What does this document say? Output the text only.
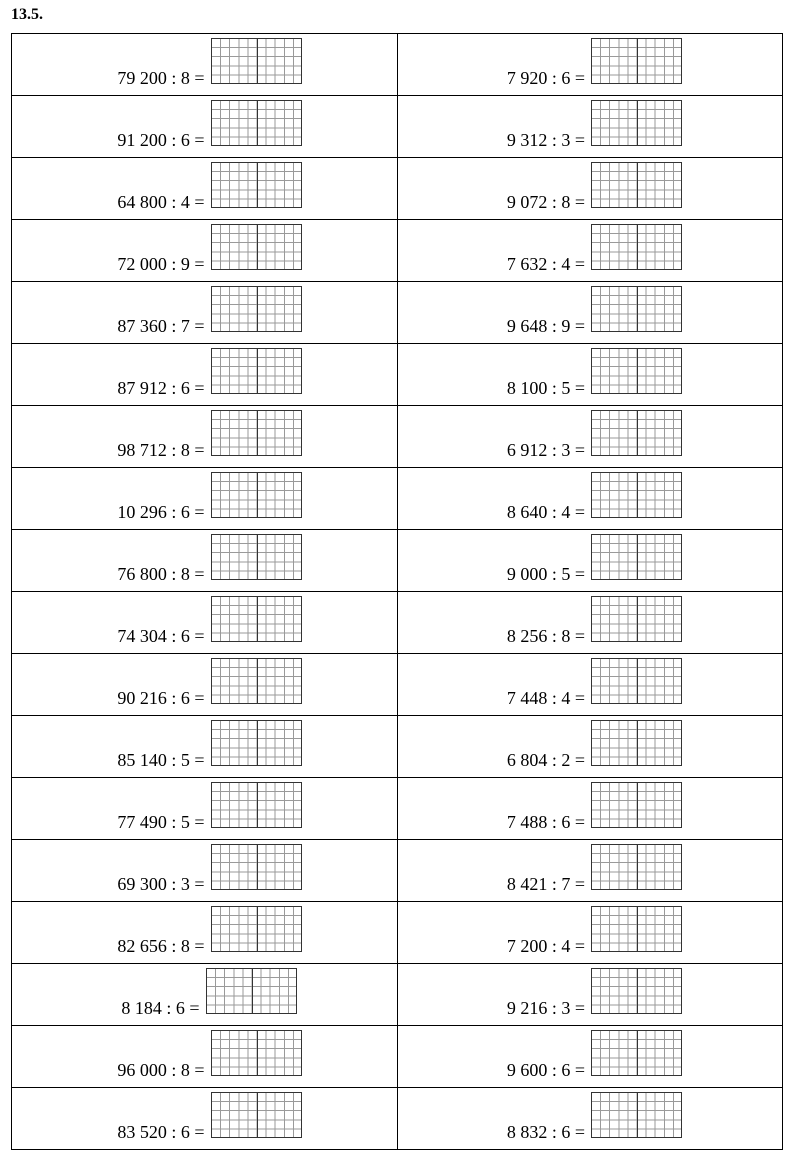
13.5.
79 200 : 8 =	7 920 : 6 =

91 200 : 6 =	9 312 : 3 =

64 800 : 4 =	9 072 : 8 =

72 000 : 9 =	7 632 : 4 =

87 360 : 7 =	9 648 : 9 =

87 912 : 6 =	8 100 : 5 =

98 712 : 8 =	6 912 : 3 =

10 296 : 6 =	8 640 : 4 =

76 800 : 8 =	9 000 : 5 =

74 304 : 6 =	8 256 : 8 =

90 216 : 6 =	7 448 : 4 =

85 140 : 5 =	6 804 : 2 =

77 490 : 5 =	7 488 : 6 =

69 300 : 3 =	8 421 : 7 =

82 656 : 8 =	7 200 : 4 =

8 184 : 6 =	9 216 : 3 =

96 000 : 8 =	9 600 : 6 =

83 520 : 6 =	8 832 : 6 =
